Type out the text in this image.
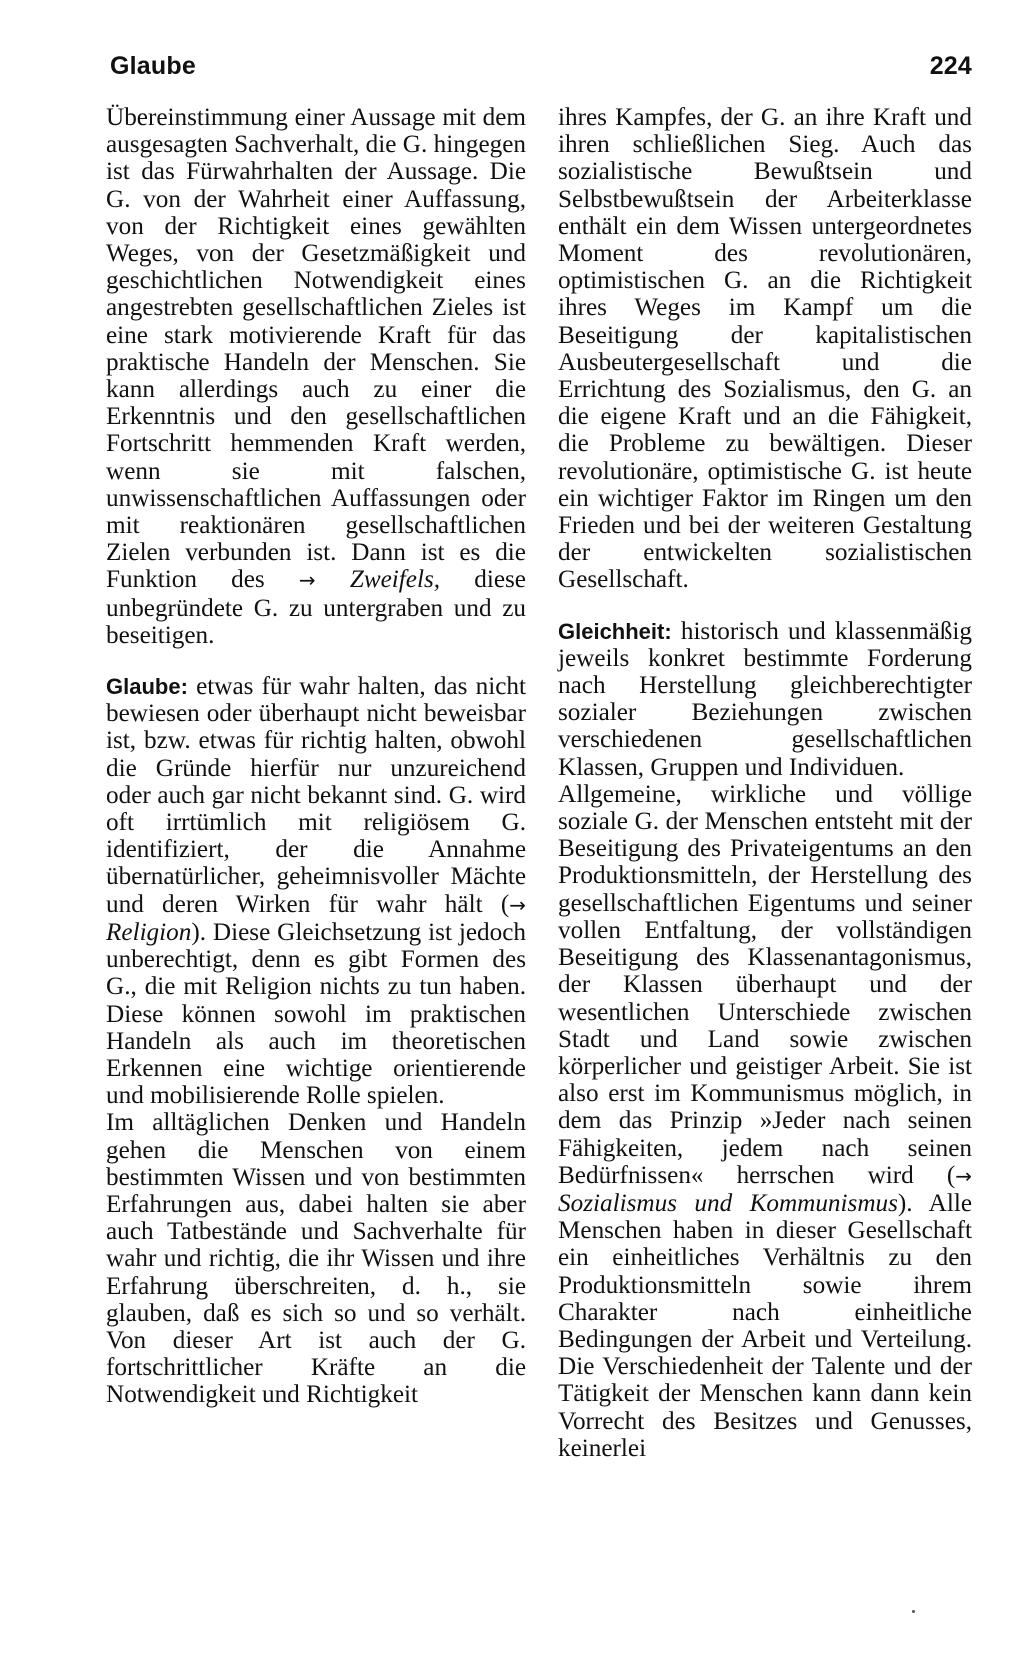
Glaube	224

Übereinstimmung einer Aussage mit dem ausgesagten Sachverhalt, die G. hingegen ist das Fürwahrhalten der Aussage. Die G. von der Wahrheit einer Auffassung, von der Richtigkeit eines gewählten Weges, von der Gesetzmäßigkeit und geschichtlichen Notwendigkeit eines angestrebten gesellschaftlichen Zieles ist eine stark motivierende Kraft für das praktische Handeln der Menschen. Sie kann allerdings auch zu einer die Erkenntnis und den gesellschaftlichen Fortschritt hemmenden Kraft werden, wenn sie mit falschen, unwissenschaftlichen Auffassungen oder mit reaktionären gesellschaftlichen Zielen verbunden ist. Dann ist es die Funktion des → Zweifels, diese unbegründete G. zu untergraben und zu beseitigen.

Glaube: etwas für wahr halten, das nicht bewiesen oder überhaupt nicht beweisbar ist, bzw. etwas für richtig halten, obwohl die Gründe hierfür nur unzureichend oder auch gar nicht bekannt sind. G. wird oft irrtümlich mit religiösem G. identifiziert, der die Annahme übernatürlicher, geheimnisvoller Mächte und deren Wirken für wahr hält (→ Religion). Diese Gleichsetzung ist jedoch unberechtigt, denn es gibt Formen des G., die mit Religion nichts zu tun haben. Diese können sowohl im praktischen Handeln als auch im theoretischen Erkennen eine wichtige orientierende und mobilisierende Rolle spielen.

Im alltäglichen Denken und Handeln gehen die Menschen von einem bestimmten Wissen und von bestimmten Erfahrungen aus, dabei halten sie aber auch Tatbestände und Sachverhalte für wahr und richtig, die ihr Wissen und ihre Erfahrung überschreiten, d. h., sie glauben, daß es sich so und so verhält. Von dieser Art ist auch der G. fortschrittlicher Kräfte an die Notwendigkeit und Richtigkeit

ihres Kampfes, der G. an ihre Kraft und ihren schließlichen Sieg. Auch das sozialistische Bewußtsein und Selbstbewußtsein der Arbeiterklasse enthält ein dem Wissen untergeordnetes Moment des revolutionären, optimistischen G. an die Richtigkeit ihres Weges im Kampf um die Beseitigung der kapitalistischen Ausbeutergesellschaft und die Errichtung des Sozialismus, den G. an die eigene Kraft und an die Fähigkeit, die Probleme zu bewältigen. Dieser revolutionäre, optimistische G. ist heute ein wichtiger Faktor im Ringen um den Frieden und bei der weiteren Gestaltung der entwickelten sozialistischen Gesellschaft.

Gleichheit: historisch und klassenmäßig jeweils konkret bestimmte Forderung nach Herstellung gleichberechtigter sozialer Beziehungen zwischen verschiedenen gesellschaftlichen Klassen, Gruppen und Individuen.

Allgemeine, wirkliche und völlige soziale G. der Menschen entsteht mit der Beseitigung des Privateigentums an den Produktionsmitteln, der Herstellung des gesellschaftlichen Eigentums und seiner vollen Entfaltung, der vollständigen Beseitigung des Klassenantagonismus, der Klassen überhaupt und der wesentlichen Unterschiede zwischen Stadt und Land sowie zwischen körperlicher und geistiger Arbeit. Sie ist also erst im Kommunismus möglich, in dem das Prinzip »Jeder nach seinen Fähigkeiten, jedem nach seinen Bedürfnissen« herrschen wird (→ Sozialismus und Kommunismus). Alle Menschen haben in dieser Gesellschaft ein einheitliches Verhältnis zu den Produktionsmitteln sowie ihrem Charakter nach einheitliche Bedingungen der Arbeit und Verteilung. Die Verschiedenheit der Talente und der Tätigkeit der Menschen kann dann kein Vorrecht des Besitzes und Genusses, keinerlei
